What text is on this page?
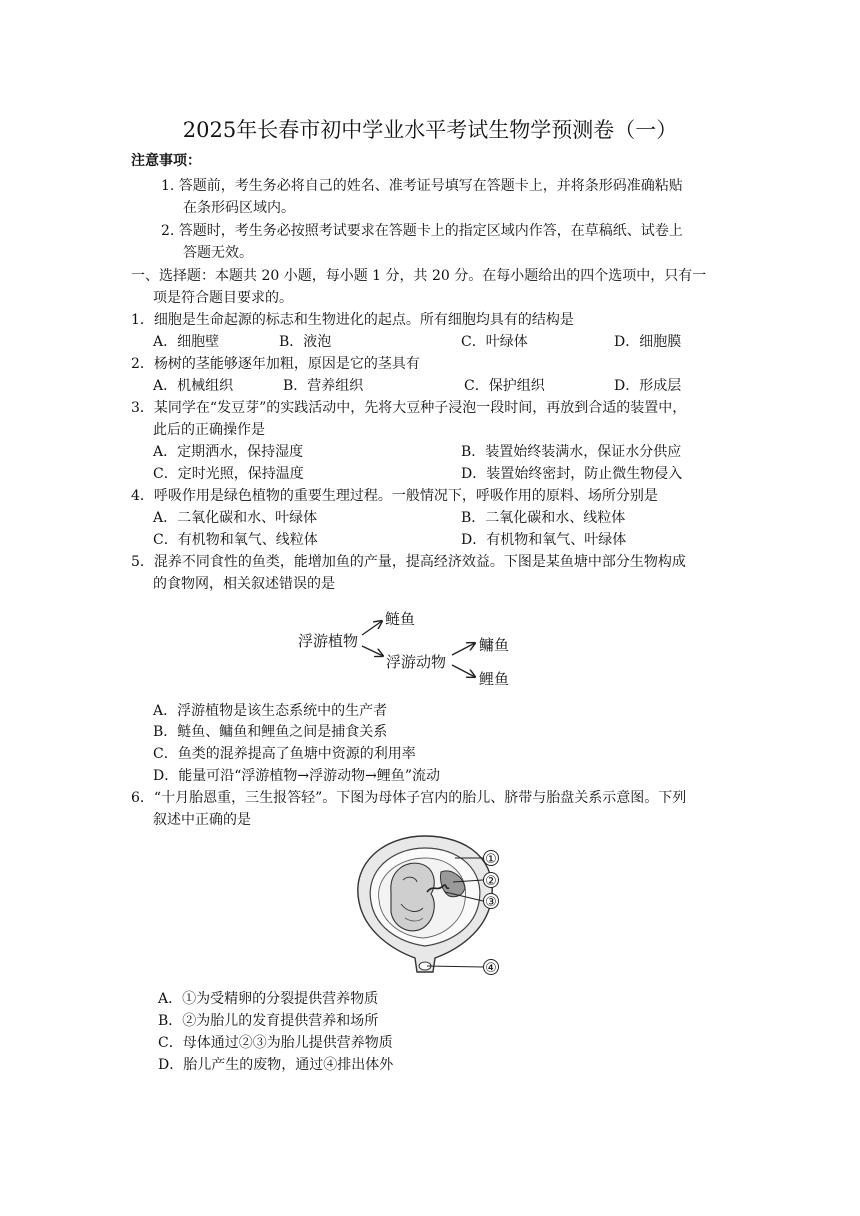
2025年长春市初中学业水平考试生物学预测卷（一）
注意事项：
1. 答题前，考生务必将自己的姓名、准考证号填写在答题卡上，并将条形码准确粘贴
在条形码区域内。
2. 答题时，考生务必按照考试要求在答题卡上的指定区域内作答，在草稿纸、试卷上
答题无效。
一、选择题：本题共 20 小题，每小题 1 分，共 20 分。在每小题给出的四个选项中，只有一
项是符合题目要求的。
1．细胞是生命起源的标志和生物进化的起点。所有细胞均具有的结构是
A．细胞壁	B．液泡	C．叶绿体	D．细胞膜
2．杨树的茎能够逐年加粗，原因是它的茎具有
A．机械组织	B．营养组织	C．保护组织	D．形成层
3．某同学在“发豆芽”的实践活动中，先将大豆种子浸泡一段时间，再放到合适的装置中，
此后的正确操作是
A．定期洒水，保持湿度	B．装置始终装满水，保证水分供应
C．定时光照，保持温度	D．装置始终密封，防止微生物侵入
4．呼吸作用是绿色植物的重要生理过程。一般情况下，呼吸作用的原料、场所分别是
A．二氧化碳和水、叶绿体	B．二氧化碳和水、线粒体
C．有机物和氧气、线粒体	D．有机物和氧气、叶绿体
5．混养不同食性的鱼类，能增加鱼的产量，提高经济效益。下图是某鱼塘中部分生物构成
的食物网，相关叙述错误的是
浮游植物
鲢鱼
浮游动物
鳙鱼
鲤鱼
A．浮游植物是该生态系统中的生产者
B．鲢鱼、鳙鱼和鲤鱼之间是捕食关系
C．鱼类的混养提高了鱼塘中资源的利用率
D．能量可沿“浮游植物→浮游动物→鲤鱼”流动
6．“十月胎恩重，三生报答轻”。下图为母体子宫内的胎儿、脐带与胎盘关系示意图。下列
叙述中正确的是
①
②
③
④
A．①为受精卵的分裂提供营养物质
B．②为胎儿的发育提供营养和场所
C．母体通过②③为胎儿提供营养物质
D．胎儿产生的废物，通过④排出体外
